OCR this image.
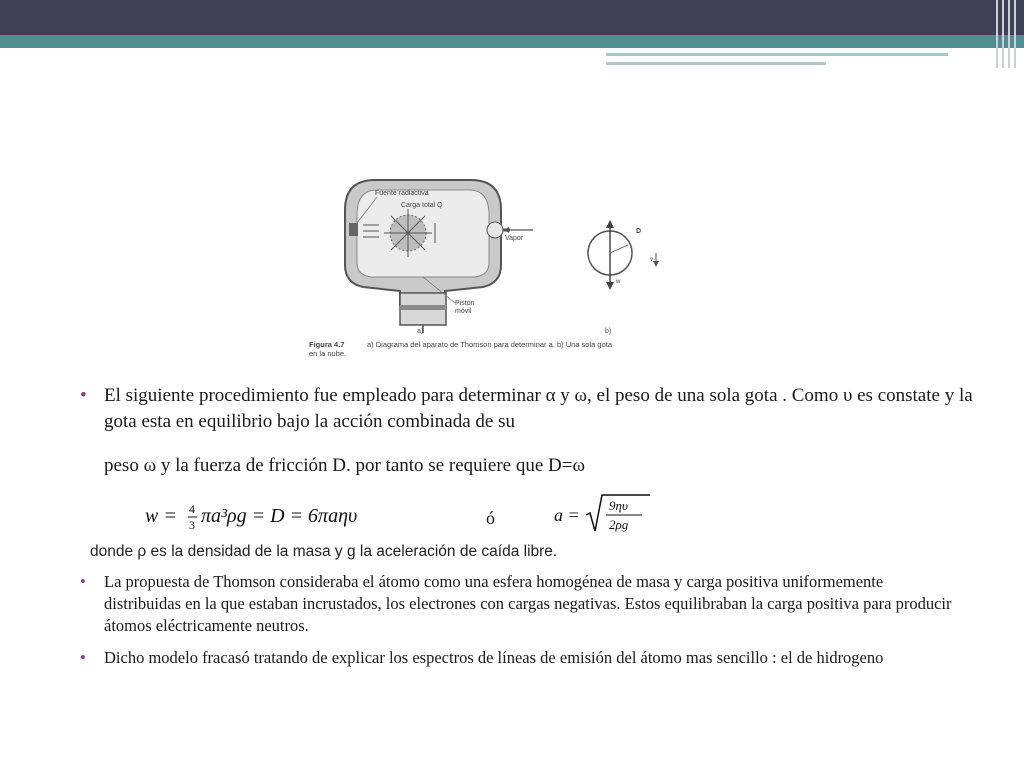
Fuente radiactiva
Carga total Q
Vapor
Pistón
móvil
a)
D
w
v
b)
Figura 4.7	a) Diagrama del aparato de Thomson para determinar a. b) Una sola gota
en la nube.
• El siguiente procedimiento fue empleado para determinar α y ω, el peso de una sola gota . Como υ es constate y la gota esta en equilibrio bajo la acción combinada de su
peso ω y la fuerza de fricción D. por tanto se requiere que D=ω
w = 4
3 πa³ρg = D = 6πaηυ	ó	a = 9ηυ
2ρg
donde ρ es la densidad de la masa y g la aceleración de caída libre.
• La propuesta de Thomson consideraba el átomo como una esfera homogénea de masa y carga positiva uniformemente distribuidas en la que estaban incrustados, los electrones con cargas negativas. Estos equilibraban la carga positiva para producir átomos eléctricamente neutros.
• Dicho modelo fracasó tratando de explicar los espectros de líneas de emisión del átomo mas sencillo : el de hidrogeno
